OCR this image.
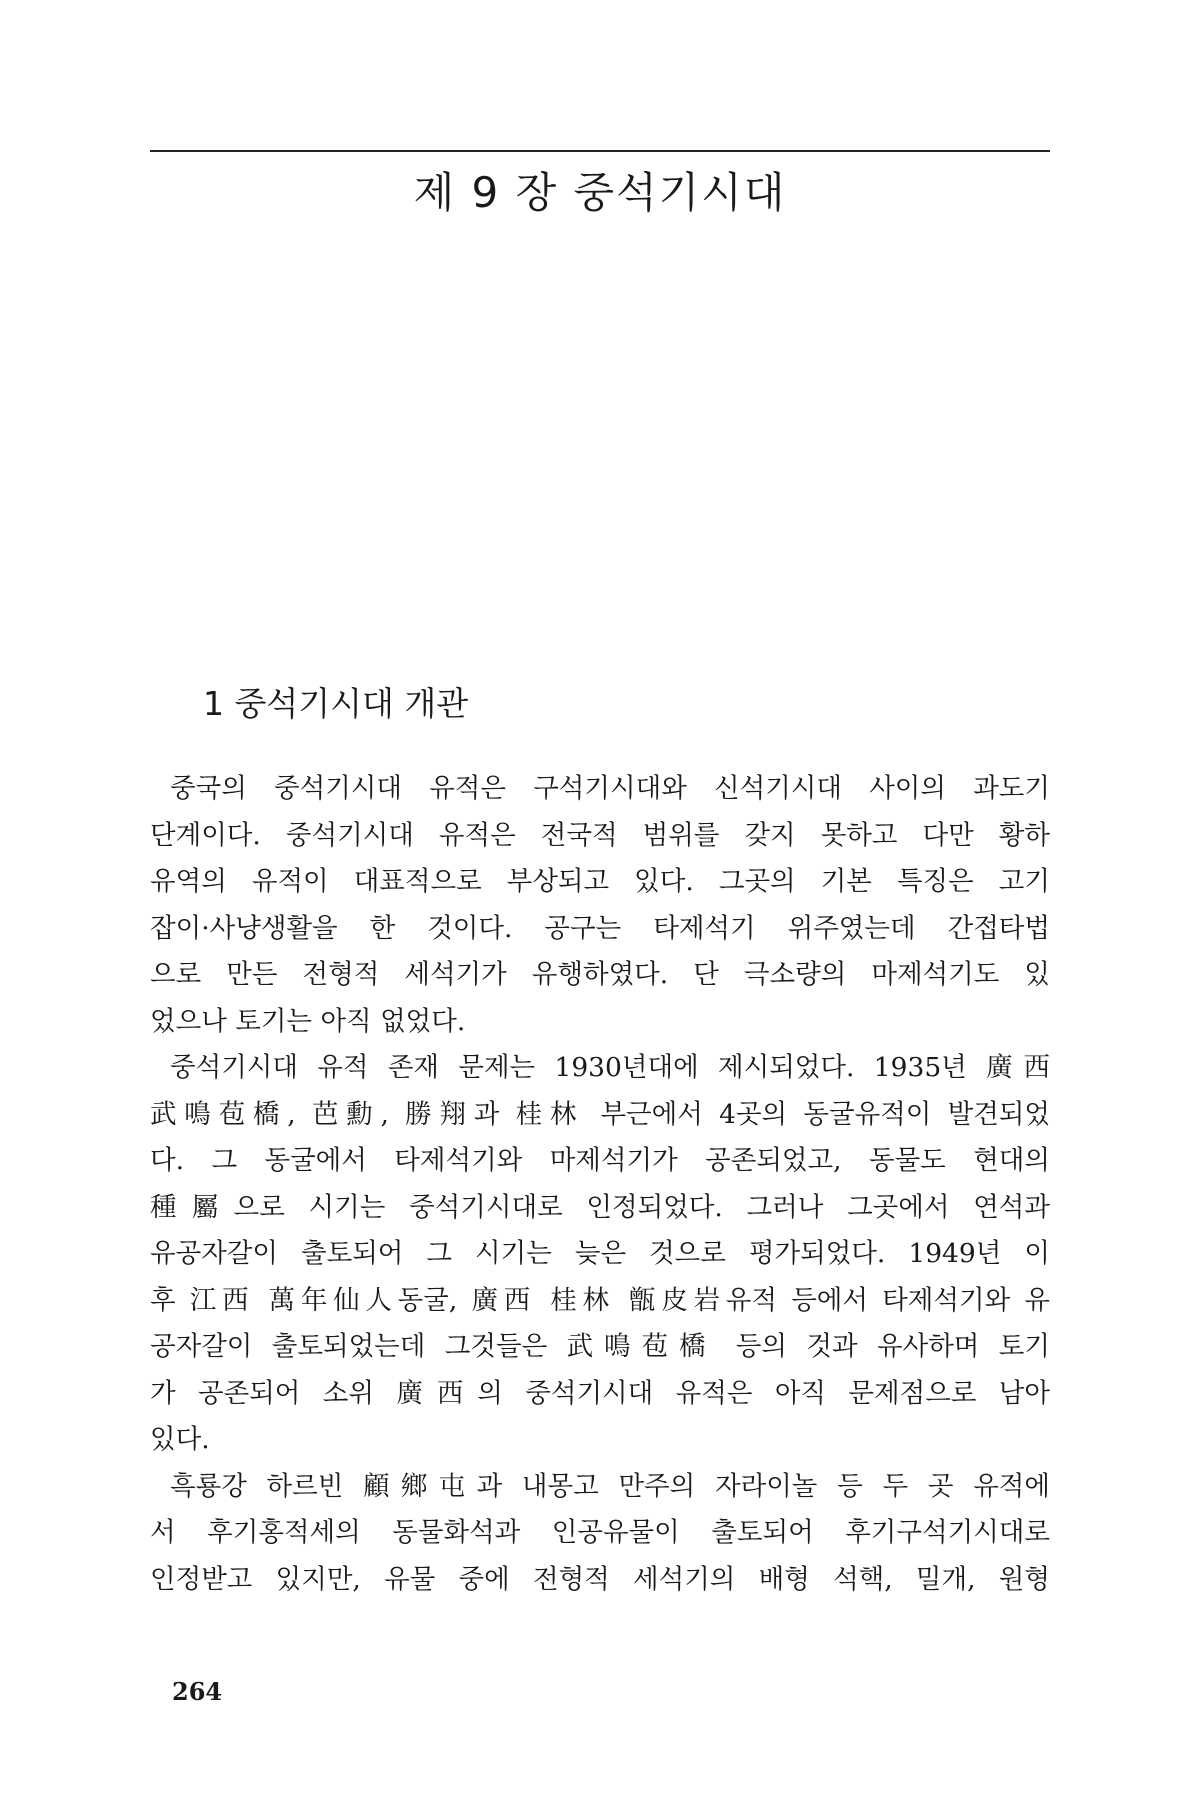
제 9 장 중석기시대
1 중석기시대 개관
중국의 중석기시대 유적은 구석기시대와 신석기시대 사이의 과도기
단계이다. 중석기시대 유적은 전국적 범위를 갖지 못하고 다만 황하
유역의 유적이 대표적으로 부상되고 있다. 그곳의 기본 특징은 고기
잡이·사냥생활을 한 것이다. 공구는 타제석기 위주였는데 간접타법
으로 만든 전형적 세석기가 유행하였다. 단 극소량의 마제석기도 있
었으나 토기는 아직 없었다.
중석기시대 유적 존재 문제는 1930년대에 제시되었다. 1935년 廣西
武鳴苞橋, 芭勳, 勝翔과 桂林 부근에서 4곳의 동굴유적이 발견되었
다. 그 동굴에서 타제석기와 마제석기가 공존되었고, 동물도 현대의
種屬으로 시기는 중석기시대로 인정되었다. 그러나 그곳에서 연석과
유공자갈이 출토되어 그 시기는 늦은 것으로 평가되었다. 1949년 이
후 江西 萬年仙人동굴, 廣西 桂林 甑皮岩유적 등에서 타제석기와 유
공자갈이 출토되었는데 그것들은 武鳴苞橋 등의 것과 유사하며 토기
가 공존되어 소위 廣西의 중석기시대 유적은 아직 문제점으로 남아
있다.
흑룡강 하르빈 顧鄉屯과 내몽고 만주의 자라이놀 등 두 곳 유적에
서 후기홍적세의 동물화석과 인공유물이 출토되어 후기구석기시대로
인정받고 있지만, 유물 중에 전형적 세석기의 배형 석핵, 밀개, 원형
264
